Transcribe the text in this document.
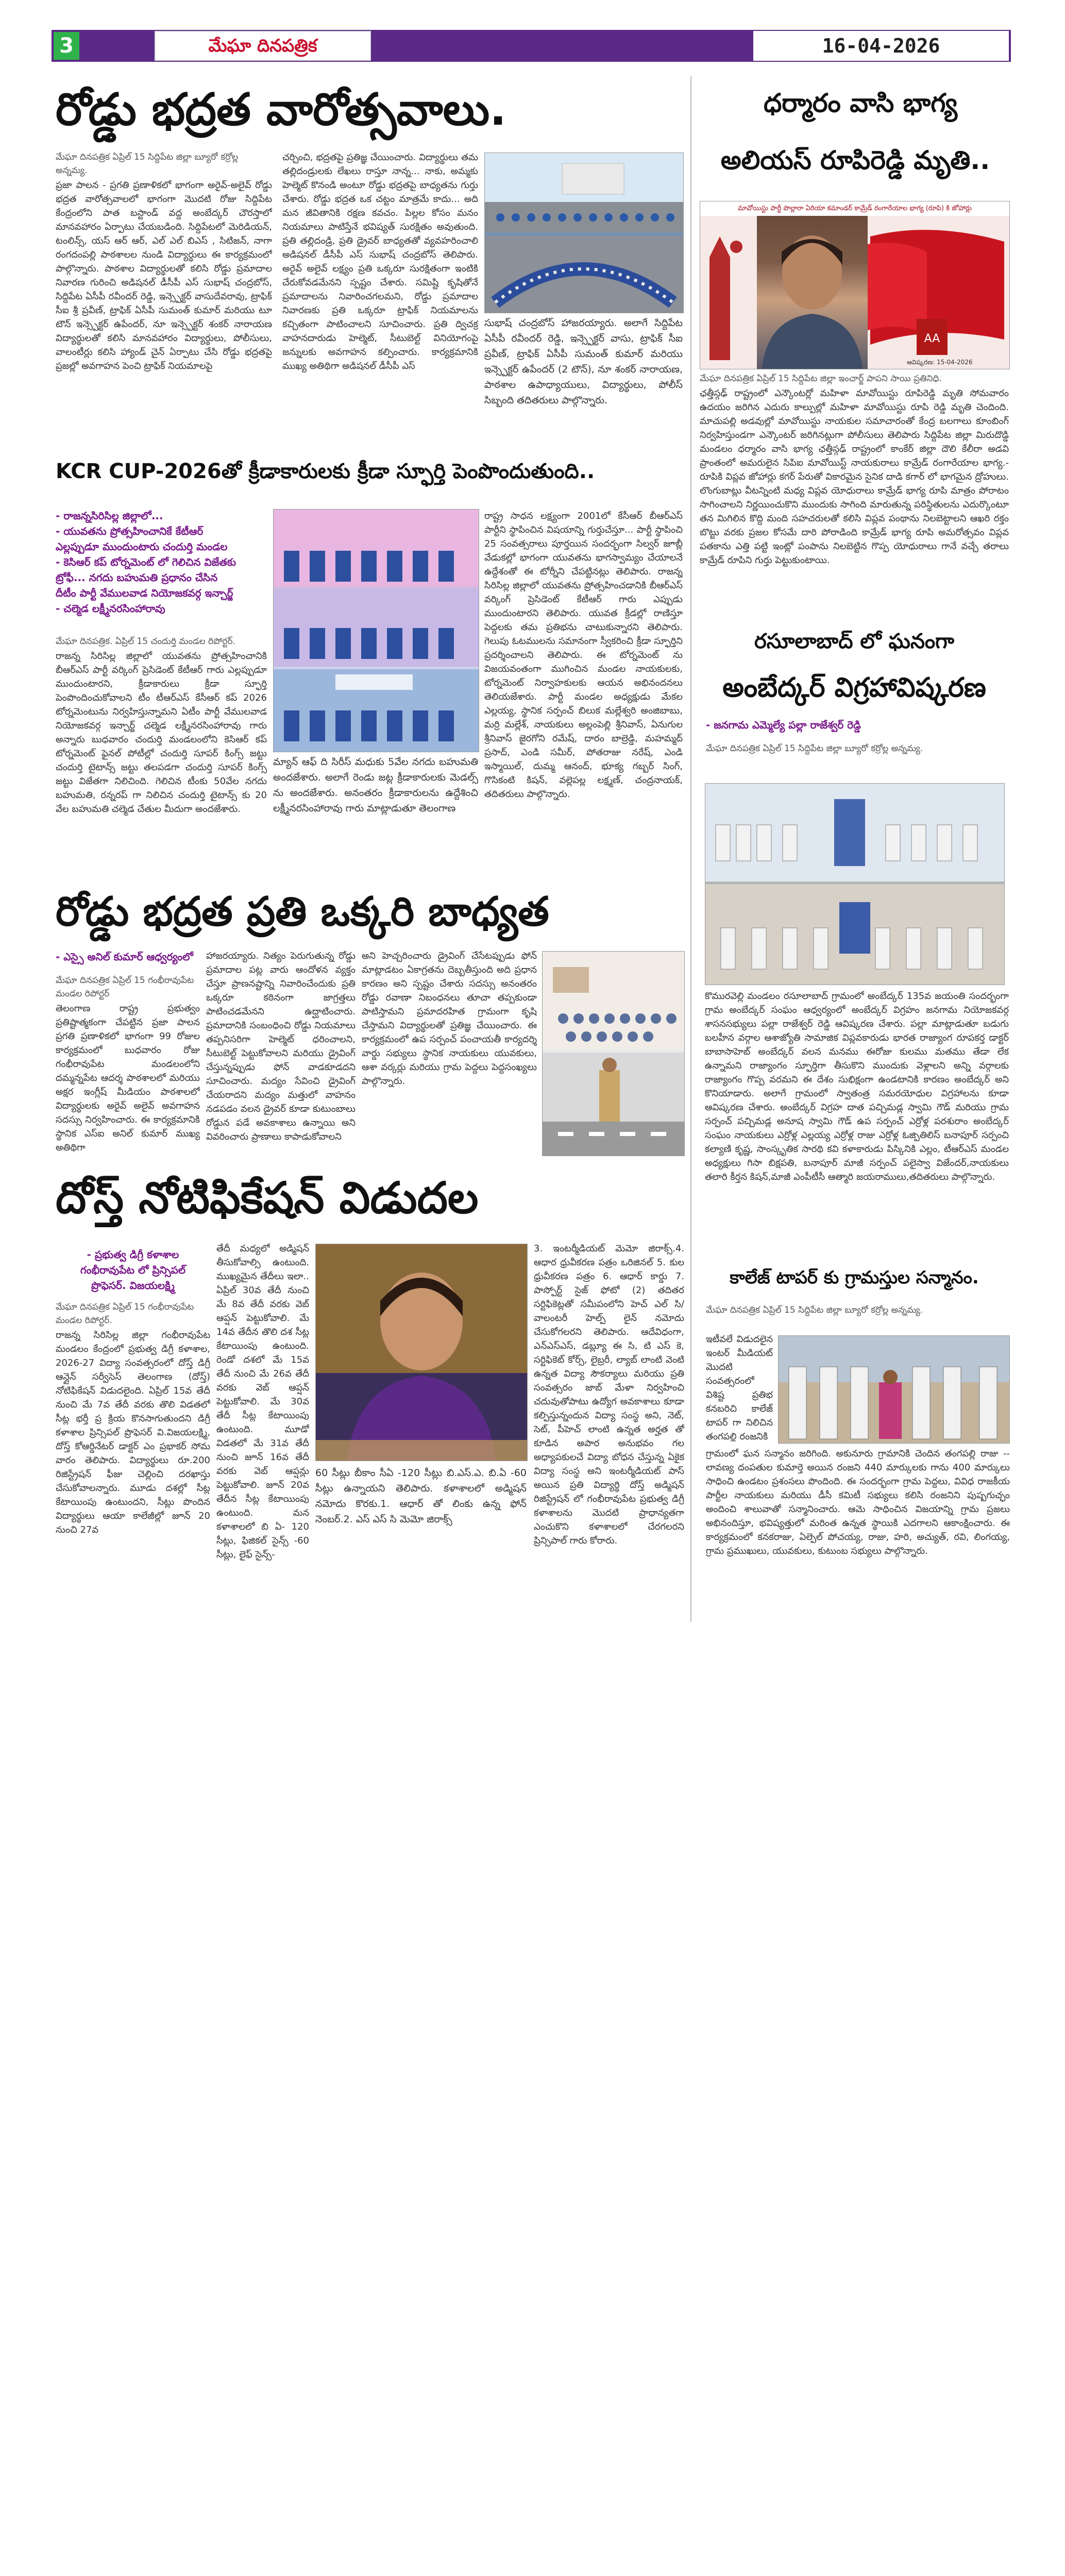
3	మేఘా దినపత్రిక	16-04-2026
రోడ్డు భద్రత వారోత్సవాలు.
మేఘా దినపత్రిక ఏప్రిల్ 15 సిద్దిపేట జిల్లా బ్యూరో కర్రోల్ల అన్నమ్య.
ప్రజా పాలన - ప్రగతి ప్రణాళికలో భాగంగా అరైవ్-అలైవ్ రోడ్డు భద్రత వారోత్సవాలలో భాగంగా మొదటి రోజు సిద్దిపేట కేంద్రంలోని పాత బస్టాండ్ వద్ద అంబేద్కర్ చౌరస్తాలో మానవహారం ఏర్పాటు చేయబడింది. సిద్దిపేటలో మెరిడియన్, టంలిన్స్, యస్ ఆర్ ఆర్, ఎల్ ఎల్ బిఎస్ , సిటిజన్, నాగా రంగదంపల్లి పాఠశాలల నుండి విద్యార్థులు ఈ కార్యక్రమంలో పాల్గొన్నారు. పాఠశాల విద్యార్థులతో కలిసి రోడ్డు ప్రమాదాల నివారణ గురించి అడిషనల్ డీసీపీ ఎస్ సుభాష్ చంద్రబోస్, సిద్దిపేట ఏసీపీ రవీందర్ రెడ్డి, ఇన్స్పెక్టర్ వాసుదేవరావు, ట్రాఫిక్ సీఐ శ్రీ ప్రవీణ్, ట్రాఫిక్ ఏసీపీ సుమంత్ కుమార్ మరియు టూ టౌన్ ఇన్స్పెక్టర్ ఉపేందర్, నూ ఇన్స్పెక్టర్ శంకర్ నారాయణ విద్యార్థులతో కలిసి మానవహారం విద్యార్థులు, పోలీసులు, వాలంటీర్లు కలిసి హ్యాండ్ చైన్ ఏర్పాటు చేసి రోడ్డు భద్రతపై ప్రజల్లో అవగాహన పెంచి ట్రాఫిక్ నియమాలపై
చర్చించి, భద్రతపై ప్రతిజ్ఞ చేయించారు. విద్యార్థులు తమ తల్లిదండ్రులకు లేఖలు రాస్తూ నాన్న... నాకు, అమ్మకు హెల్మెట్ కొనండి అంటూ రోడ్డు భద్రతపై బాధ్యతను గుర్తు చేశారు. రోడ్డు భద్రత ఒక చట్టం మాత్రమే కాదు... అది మన జీవితానికి రక్షణ కవచం. పిల్లల కోసం మనం నియమాలు పాటిస్తేనే భవిష్యత్ సురక్షితం అవుతుంది. ప్రతి తల్లిదండ్రి, ప్రతి డ్రైవర్ బాధ్యతతో వ్యవహరించాలి అడిషనల్ డీసీపీ ఎస్ సుభాష్ చంద్రబోస్ తెలిపారు. అరైవ్ అలైవ్ లక్ష్యం ప్రతి ఒక్కరూ సురక్షితంగా ఇంటికి చేరుకోవడమేనని స్పష్టం చేశారు. సమిష్టి కృషితోనే ప్రమాదాలను నివారించగలమని, రోడ్డు ప్రమాదాల నివారణకు ప్రతి ఒక్కరూ ట్రాఫిక్ నియమాలను కచ్చితంగా పాటించాలని సూచించారు. ప్రతి ద్విచక్ర వాహనదారుడు హెల్మెట్, సీటుబెల్ట్ వినియోగంపై జన్నులకు అవగాహన కల్పించారు. కార్యక్రమానికి ముఖ్య అతిథిగా అడిషనల్ డీసీపీ ఎస్
సుభాష్ చంద్రబోస్ హాజరయ్యారు. అలాగే సిద్దిపేట ఏసీపీ రవీందర్ రెడ్డి, ఇన్స్పెక్టర్ వాసు, ట్రాఫిక్ సీఐ ప్రవీణ్, ట్రాఫిక్ ఏసీపీ సుమంత్ కుమార్ మరియు ఇన్స్పెక్టర్ ఉపేందర్ (2 టౌన్), నూ శంకర్ నారాయణ, పాఠశాల ఉపాధ్యాయులు, విద్యార్థులు, పోలీస్ సిబ్బంది తదితరులు పాల్గొన్నారు.
ధర్మారం వాసి భాగ్య
అలియస్ రూపిరెడ్డి మృతి..
మావోయిస్టు పార్టీ పొల్లారా ఏరియా కమాండర్ కామ్రేడ్ రంగారేయాల భాగ్య (రూపి) కి జోహార్లు
AA
ఆవిష్కరణ: 15-04-2026
మేఘా దినపత్రిక ఏప్రిల్ 15 సిద్దిపేట జిల్లా ఇంచార్జ్ పాపని సాయి ప్రతినిధి.
ఛత్తీస్గఢ్ రాష్ట్రంలో ఎన్కౌంటర్లో మహిళా మావోయిస్టు రూపిరెడ్డి మృతి సోమవారం ఉదయం జరిగిన ఎదురు కాల్పుల్లో మహిళా మావోయిస్టు రూపి రెడ్డి మృతి చెందింది. మాచుపల్లి అడవుల్లో మావోయిస్టు నాయకుల సమాచారంతో కేంద్ర బలగాలు కూంబింగ్ నిర్వహిస్తుండగా ఎన్కౌంటర్ జరిగినట్లుగా పోలీసులు తెలిపారు సిద్దిపేట జిల్లా మిరుదొడ్డి మండలం ధర్మారం వాసి భాగ్య ఛత్తీస్గఢ్ రాష్ట్రంలో కాంకేర్ జిల్లా దౌలి కేలీరా అడవి ప్రాంతంలో అమరులైన సిపిఐ మావోయిస్ట్ నాయకురాలు కామ్రేడ్ రంగారేయాల భాగ్య.-రూపికి విప్లవ జోహార్లు కగర్ పేరుతో వికారమైన సైనిక దాడి కగార్ లో భాగమైన ద్రోహులు. లొంగుబాట్లు వీటన్నింటి మధ్య విప్లవ యోధురాలు కామ్రేడ్ భాగ్య రూపి మాత్రం పోరాటం సాగించాలని నిర్ణయించుకొని ముందుకు సాగింది మారుతున్న పరిస్థితులను ఎదుర్కొంటూ తన మిగిలిన కొద్ది మంది సహచరులతో కలిసి విప్లవ పంథాను నిలబెట్టాలని ఆఖరి రక్తం బొట్టు వరకు ప్రజల కోసమే దారి పోరాడింది కామ్రేడ్ భాగ్య రూపి అమరోత్సవం విప్లవ పతకాను ఎత్తి పట్టి ఇంట్లో పంపాను నిలబెట్టిన గొప్ప యోధురాలు గానే వచ్చే తరాలు కామ్రేడ్ రూపిని గుర్తు పెట్టుకుంటాయి.
KCR CUP-2026తో క్రీడాకారులకు క్రీడా స్ఫూర్తి పెంపొందుతుంది..
- రాజన్నసిరిసిల్ల జిల్లాలో...
- యువతను ప్రోత్సహించానికే కేటీఆర్
ఎల్లప్పుడూ ముందుంటారు చందుర్తి మండల
- కెసిఆర్ కప్ టోర్నమెంట్ లో గెలిచిన విజేతకు
ట్రోఫీ... నగదు బహుమతి ప్రధానం చేసిన
దీటీం పార్టీ వేములవాడ నియోజకవర్గ ఇన్చార్జ్
- చల్మెడ లక్ష్మీనరసింహారావు
మేఘా దినపత్రిక. ఏప్రిల్ 15 చందుర్తి మండల రిపోర్టర్.
రాజన్న సిరిసిల్ల జిల్లాలో యువతను ప్రోత్సహించానికి బీఆర్ఎస్ పార్టీ వర్కింగ్ ప్రెసిడెంట్ కేటీఆర్ గారు ఎల్లప్పుడూ ముందుంటారని, క్రీడాకారులు క్రీడా స్ఫూర్తి పెంపొందించుకోవాలని టీం టీఆర్ఎస్ కేసీఆర్ కప్ 2026 టోర్నమెంటును నిర్వహిస్తున్నామని ఏటీం పార్టీ వేములవాడ నియోజకవర్గ ఇన్చార్జ్ చల్మెడ లక్ష్మీనరసింహారావు గారు అన్నారు బుధవారం చందుర్తి మండలంలోని కెసిఆర్ కప్ టోర్నమెంట్ ఫైనల్ పోటీల్లో చందుర్తి సూపర్ కింగ్స్ జట్టు చందుర్తి టైటాన్స్ జట్టు తలపడగా చందుర్తి సూపర్ కింగ్స్ జట్టు విజేతగా నిలిచింది. గెలిచిన టీంకు 50వేల నగదు బహుమతి, రన్నరప్ గా నిలిచిన చందుర్తి టైటాన్స్ కు 20 వేల బహుమతి చల్మెడ చేతుల మీదుగా అందజేశారు.
మ్యాన్ ఆఫ్ ది సిరీస్ మధుకు 5వేల నగదు బహుమతి అందజేశారు. అలాగే రెండు జట్ల క్రీడాకారులకు మెడల్స్ ను అందజేశారు. అనంతరం క్రీడాకారులను ఉద్దేశించి లక్ష్మీనరసింహారావు గారు మాట్లాడుతూ తెలంగాణ
రాష్ట్ర సాధన లక్ష్యంగా 2001లో కేసీఆర్ బీఆర్ఎస్ పార్టీని స్థాపించిన విషయాన్ని గుర్తుచేస్తూ... పార్టీ స్థాపించి 25 సంవత్సరాలు పూర్తయిన సందర్భంగా సిల్వర్ జూబ్లీ వేడుకల్లో భాగంగా యువతను భాగస్వామ్యం చేయాలనే ఉద్దేశంతో ఈ టోర్నీని చేపట్టినట్లు తెలిపారు. రాజన్న సిరిసిల్ల జిల్లాలో యువతను ప్రోత్సహించడానికి బీఆర్ఎస్ వర్కింగ్ ప్రెసిడెంట్ కేటీఆర్ గారు ఎప్పుడు ముందుంటారని తెలిపారు. యువత క్రీడల్లో రాణిస్తూ పెద్దలకు తమ ప్రతిభను చాటుకున్నారని తెలిపారు. గెలుపు ఓటములను సమానంగా స్వీకరించి క్రీడా స్ఫూర్తిని ప్రదర్శించాలని తెలిపారు. ఈ టోర్నమెంట్ ను విజయవంతంగా ముగించిన మండల నాయకులకు, టోర్నమెంట్ నిర్వాహకులకు ఆయన అభినందనలు తెలియజేశారు. పార్టీ మండల అధ్యక్షుడు మేకల ఎల్లయ్య, స్థానిక సర్పంచ్ బిలుక మల్లేశ్వరి అంజిబాబు, మర్రి మల్లేశ్, నాయకులు అల్లంపెల్లి శ్రీనివాస్, ఏనుగుల శ్రీనివాస్ జైరగోని రమేష్, దారం బాల్రెడ్డి, మహమ్మద్ ప్రసాద్, ఎండి సమీర్, పోతరాజు నరేష్, ఎండి ఇస్మాయిల్, దుమ్మ ఆనంద్, భూక్య గబ్బర్ సింగ్, గొసికంటి కిషన్, వల్లెపల్ల లక్ష్మణ్, చంద్రనాయక్, తదితరులు పాల్గొన్నారు.
రసూలాబాద్ లో ఘనంగా
అంబేద్కర్ విగ్రహావిష్కరణ
- జనగామ ఎమ్మెల్యే పల్లా రాజేశ్వర్ రెడ్డి
మేఘా దినపత్రిక ఏప్రిల్ 15 సిద్దిపేట జిల్లా బ్యూరో కర్రోల్ల అన్నమ్య.
కొమురవెల్లి మండలం రసూలాబాద్ గ్రామంలో అంబేద్కర్ 135వ జయంతి సందర్భంగా గ్రామ అంబేద్కర్ సంఘం ఆధ్వర్యంలో అంబేద్కర్ విగ్రహం జనగామ నియోజకవర్గ శాసనసభ్యులు పల్లా రాజేశ్వర్ రెడ్డి ఆవిష్కరణ చేశారు. పల్లా మాట్లాడుతూ బడుగు బలహీన వర్గాల ఆశాజ్యోతి సామాజిక విప్లవకారుడు భారత రాజ్యాంగ రూపకర్త డాక్టర్ బాబాసాహెబ్ అంబేద్కర్ వలన మనము ఈరోజు కులము మతము తేడా లేక ఉన్నామని రాజ్యాంగం స్ఫూర్తిగా తీసుకొని ముందుకు వెళ్లాలని అన్ని వర్గాలకు రాజ్యాంగం గొప్ప వరమని ఈ దేశం సుభిక్షంగా ఉండటానికి కారణం అంబేద్కర్ అని కొనియాడారు. అలాగే గ్రామంలో స్వాతంత్ర సమరయోధుల విగ్రహాలను కూడా ఆవిష్కరణ చేశారు. అంబేద్కర్ విగ్రహ దాత పచ్చిమడ్ల స్వామి గౌడ్ మరియు గ్రామ సర్పంచ్ పచ్చిమడ్ల అనూష స్వామి గౌడ్ ఉప సర్పంచ్ ఎర్రోళ్ల పరశురాం అంబేద్కర్ సంఘం నాయకులు ఎర్రోళ్ల ఎల్లయ్య ఎర్రోళ్ల రాజు ఎర్రోళ్ల ఓజ్పితిలిస్ బనాపూర్ సర్పంచి కల్యాణి కృష్ణ, సాంస్కృతిక సారథి కవి కళాకారుడు పిస్కినికి ఎల్లం, టీఆర్ఎస్ మండల అధ్యక్షులు గిసా బిక్షపతి, బనాపూర్ మాజీ సర్పంచ్ పలైస్వా విజేందర్,నాయకులు తలారి కీర్తన కిషన్,మాజీ ఎంపీటీసీ ఆత్మారి జయరాములు,తదితరులు పాల్గొన్నారు.
రోడ్డు భద్రత ప్రతి ఒక్కరి బాధ్యత
- ఎస్సై అనిల్ కుమార్ ఆధ్వర్యంలో
మేఘా దినపత్రిక ఏప్రిల్ 15 గంభీరావుపేట మండల రిపోర్టర్
తెలంగాణ రాష్ట్ర ప్రభుత్వం ప్రతిష్టాత్మకంగా చేపట్టిన ప్రజా పాలన ప్రగతి ప్రణాళికలో భాగంగా 99 రోజుల కార్యక్రమంలో బుధవారం రోజు గంభీరావుపేట మండలంలోని దమ్మన్నపేట ఆదర్శ పాఠశాలలో మరియు అక్షర ఇంగ్లీష్ మీడియం పాఠశాలలో విద్యార్థులకు అరైవ్ అలైవ్ అవగాహన సదస్సు నిర్వహించారు. ఈ కార్యక్రమానికి స్థానిక ఎస్ఐ అనిల్ కుమార్ ముఖ్య అతిథిగా
హాజరయ్యారు. నిత్యం పెరుగుతున్న రోడ్డు ప్రమాదాల పట్ల వారు ఆందోళన వ్యక్తం చేస్తూ ప్రాణనష్టాన్ని నివారించేందుకు ప్రతి ఒక్కరూ కఠినంగా జాగ్రత్తలు పాటించడమేనని ఉద్ఘాటించారు. ప్రమాదానికి సంబంధించి రోడ్డు నియమాలు తప్పనిసరిగా హెల్మెట్ ధరించాలని, సీటుబెల్ట్ పెట్టుకోవాలని మరియు డ్రైవింగ్ చేస్తున్నప్పుడు ఫోన్ వాడకూడదని సూచించారు. మద్యం సేవించి డ్రైవింగ్ చేయరాదని మద్యం మత్తులో వాహనం నడపడం వలన డ్రైవర్ కూడా కుటుంబాలు రోడ్డున పడే అవకాశాలు ఉన్నాయి అని వివరించారు ప్రాణాలు కాపాడుకోవాలని
అని హెచ్చరించారు డ్రైవింగ్ చేసేటప్పుడు ఫోన్ మాట్లాడటం ఏకాగ్రతను దెబ్బతీస్తుంది అది ప్రధాన కారణం అని స్పష్టం చేశారు సదస్సు అనంతరం రోడ్డు రవాణా నిబంధనలు తూచా తప్పకుండా పాటిస్తామని ప్రమాదరహిత గ్రామంగా కృషి చేస్తామని విద్యార్థులతో ప్రతిజ్ఞ చేయించారు. ఈ కార్యక్రమంలో ఉప సర్పంచ్ పంచాయతీ కార్యదర్శి వార్డు సభ్యులు స్థానిక నాయకులు యువకులు, ఆశా వర్కర్లు మరియు గ్రామ పెద్దలు పెద్దసంఖ్యలు పాల్గొన్నారు.
దోస్త్ నోటిఫికేషన్ విడుదల
- ప్రభుత్వ డిగ్రీ కళాశాల
గంభీరావుపేట లో ప్రిన్సిపల్
ప్రొఫెసర్. విజయలక్ష్మి
మేఘా దినపత్రిక ఏప్రిల్ 15 గంభీరావుపేట మండల రిపోర్టర్.
రాజన్న సిరిసిల్ల జిల్లా గంభీరావుపేట మండలం కేంద్రంలో ప్రభుత్వ డిగ్రీ కళాశాల, 2026-27 విద్యా సంవత్సరంలో దోస్త్ డిగ్రీ ఆన్లైన్ సర్వీసెస్ తెలంగాణ (దోస్త్) నోటిఫికేషన్ విడుదలైంది. ఏప్రిల్ 15వ తేదీ నుంచి మే 7వ తేదీ వరకు తొలి విడతలో సీట్ల భర్తీ ప్ర క్రియ కొనసాగుతుందని డిగ్రీ కళాశాల ప్రిన్సిపల్ ప్రొఫెసర్ వి.విజయలక్ష్మి, దోస్త్ కోఆర్డినేటర్ డాక్టర్ ఎం ప్రభాకర్ సోమ వారం తెలిపారు. విద్యార్థులు రూ.200 రిజిస్ట్రేషన్ ఫీజు చెల్లించి దరఖాస్తు చేసుకోవాలన్నారు. మూడు దశల్లో సీట్ల కేటాయింపు ఉంటుందని, సీట్లు పొందిన విద్యార్థులు ఆయా కాలేజీల్లో జూన్ 20 నుంచి 27వ
తేదీ మధ్యలో అడ్మిషన్ తీసుకోవాల్సి ఉంటుంది. ముఖ్యమైన తేదీలు ఇలా.. ఏప్రిల్ 30వ తేదీ నుంచి మే 8వ తేదీ వరకు వెబ్ ఆప్షన్ పెట్టుకోవాలి. మే 14వ తేదీన తొలి దశ సీట్ల కేటాయింపు ఉంటుంది. రెండో దశలో మే 15వ తేదీ నుంచి మే 26వ తేదీ వరకు వెబ్ ఆప్షన్ పెట్టుకోవాలి. మే 30వ తేదీ సీట్ల కేటాయింపు ఉంటుంది. మూడో విడతలో మే 31వ తేదీ నుంచి జూన్ 16వ తేదీ వరకు వెబ్ ఆప్షన్లు పెట్టుకోవాలి. జూన్ 20వ తేదీన సీట్ల కేటాయింపు ఉంటుంది. మన కళాశాలలో బి ఏ- 120 సీట్లు, ఫిజికల్ సైన్స్ -60 సీట్లు, లైఫ్ సైన్స్-
60 సీట్లు బీకాం సీఏ -120 సీట్లు బి.ఎస్.ఎ. బి.ఏ -60 సీట్లు ఉన్నాయని తెలిపారు. కళాశాలలో అడ్మిషన్ నమోదు కొరకు.1. ఆధార్ తో లింకు ఉన్న ఫోన్ నెంబర్.2. ఎస్ ఎస్ సి మెమో జిరాక్స్
3. ఇంటర్మీడియట్ మెమో జిరాక్స్.4. ఆధార ధ్రువీకరణ పత్రం ఒరిజినల్ 5. కుల ధ్రువీకరణ పత్రం 6. ఆధార్ కార్డు 7. పాస్పోర్ట్ సైజ్ ఫోటో (2) తదితర సర్టిఫికెట్లతో సమీపంలోని హెచ్ ఎల్ సి/ వాలంటరీ హెల్ప్ లైన్ నమోదు చేసుకోగలరని తెలిపారు. ఆదేవిధంగా, ఎన్ఎస్ఎస్, డబ్ల్యూ ఈ సి, టి ఎస్ కె, సర్టిఫికెట్ కోర్స్, లైబ్రరీ, ల్యాబ్ లాంటి వెంటి ఉన్నత విద్యా సౌకర్యాలు మరియు ప్రతి సంవత్సరం జాబ్ మేళా నిర్వహించి చదువుతోపాటు ఉద్యోగ అవకాశాలు కూడా కల్పిస్తున్నందున విద్యా సంస్థ అని, నెట్, సెట్, పీహెచ్ లాంటి ఉన్నత అర్హత తో కూడిన అపార అనుభవం గల అధ్యాపకులచే విద్యా బోధన చేస్తున్న ఏకైక విద్యా సంస్థ అని ఇంటర్మీడియట్ పాస్ అయిన ప్రతి విద్యార్థి దోస్త్ అడ్మిషన్ రిజిస్ట్రేషన్ లో గంభీరావుపేట ప్రభుత్వ డిగ్రీ కళాశాలను మొదటి ప్రాధాన్యతగా ఎంచుకొని కళాశాలలో చేరగలరని ప్రిన్సిపాల్ గారు కోరారు.
కాలేజ్ టాపర్ కు గ్రామస్తుల సన్మానం.
మేఘా దినపత్రిక ఏప్రిల్ 15 సిద్దిపేట జిల్లా బ్యూరో కర్రోల్ల అన్నమ్య.
ఇటీవలే విడుదలైన ఇంటర్ మీడియట్ మొదటి సంవత్సరంలో విశిష్ట ప్రతిభ కనబరిచి కాలేజ్ టాపర్ గా నిలిచిన తంగపల్లి రంజనికి
గ్రామంలో ఘన సన్మానం జరిగింది. అకునూరు గ్రామానికి చెందిన తంగపల్లి రాజు -- లావణ్య దంపతుల కుమార్తె అయిన రంజని 440 మార్కులకు గాను 400 మార్కులు సాధించి ఉండటం ప్రశంసలు పొందింది. ఈ సందర్భంగా గ్రామ పెద్దలు, వివిధ రాజకీయ పార్టీల నాయకులు మరియు డీసీ కమిటీ సభ్యులు కలిసి రంజనిని పుష్పగుచ్ఛం అందించి శాలువాతో సన్మానించారు. ఆమె సాధించిన విజయాన్ని గ్రామ ప్రజలు అభినందిస్తూ, భవిష్యత్తులో మరింత ఉన్నత స్థాయికి ఎదగాలని ఆకాంక్షించారు. ఈ కార్యక్రమంలో కనకరాజు, ఏల్పెల్ పోచయ్య, రాజు, హరి, అచ్యుత్, రవి, లింగయ్య, గ్రామ ప్రముఖులు, యువకులు, కుటుంబ సభ్యులు పాల్గొన్నారు.
